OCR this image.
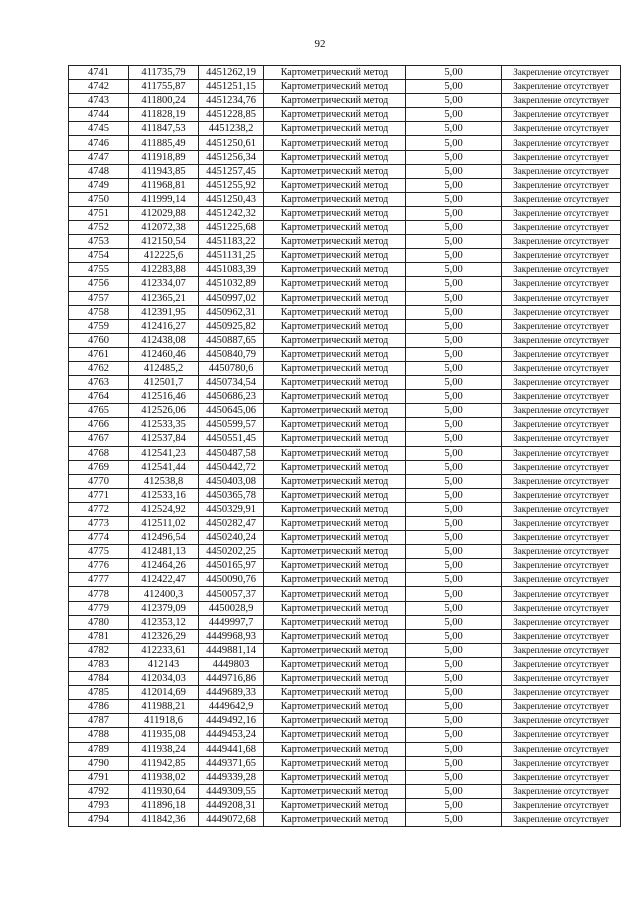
92
4741	411735,79	4451262,19	Картометрический метод	5,00	Закрепление отсутствует
4742	411755,87	4451251,15	Картометрический метод	5,00	Закрепление отсутствует
4743	411800,24	4451234,76	Картометрический метод	5,00	Закрепление отсутствует
4744	411828,19	4451228,85	Картометрический метод	5,00	Закрепление отсутствует
4745	411847,53	4451238,2	Картометрический метод	5,00	Закрепление отсутствует
4746	411885,49	4451250,61	Картометрический метод	5,00	Закрепление отсутствует
4747	411918,89	4451256,34	Картометрический метод	5,00	Закрепление отсутствует
4748	411943,85	4451257,45	Картометрический метод	5,00	Закрепление отсутствует
4749	411968,81	4451255,92	Картометрический метод	5,00	Закрепление отсутствует
4750	411999,14	4451250,43	Картометрический метод	5,00	Закрепление отсутствует
4751	412029,88	4451242,32	Картометрический метод	5,00	Закрепление отсутствует
4752	412072,38	4451225,68	Картометрический метод	5,00	Закрепление отсутствует
4753	412150,54	4451183,22	Картометрический метод	5,00	Закрепление отсутствует
4754	412225,6	4451131,25	Картометрический метод	5,00	Закрепление отсутствует
4755	412283,88	4451083,39	Картометрический метод	5,00	Закрепление отсутствует
4756	412334,07	4451032,89	Картометрический метод	5,00	Закрепление отсутствует
4757	412365,21	4450997,02	Картометрический метод	5,00	Закрепление отсутствует
4758	412391,95	4450962,31	Картометрический метод	5,00	Закрепление отсутствует
4759	412416,27	4450925,82	Картометрический метод	5,00	Закрепление отсутствует
4760	412438,08	4450887,65	Картометрический метод	5,00	Закрепление отсутствует
4761	412460,46	4450840,79	Картометрический метод	5,00	Закрепление отсутствует
4762	412485,2	4450780,6	Картометрический метод	5,00	Закрепление отсутствует
4763	412501,7	4450734,54	Картометрический метод	5,00	Закрепление отсутствует
4764	412516,46	4450686,23	Картометрический метод	5,00	Закрепление отсутствует
4765	412526,06	4450645,06	Картометрический метод	5,00	Закрепление отсутствует
4766	412533,35	4450599,57	Картометрический метод	5,00	Закрепление отсутствует
4767	412537,84	4450551,45	Картометрический метод	5,00	Закрепление отсутствует
4768	412541,23	4450487,58	Картометрический метод	5,00	Закрепление отсутствует
4769	412541,44	4450442,72	Картометрический метод	5,00	Закрепление отсутствует
4770	412538,8	4450403,08	Картометрический метод	5,00	Закрепление отсутствует
4771	412533,16	4450365,78	Картометрический метод	5,00	Закрепление отсутствует
4772	412524,92	4450329,91	Картометрический метод	5,00	Закрепление отсутствует
4773	412511,02	4450282,47	Картометрический метод	5,00	Закрепление отсутствует
4774	412496,54	4450240,24	Картометрический метод	5,00	Закрепление отсутствует
4775	412481,13	4450202,25	Картометрический метод	5,00	Закрепление отсутствует
4776	412464,26	4450165,97	Картометрический метод	5,00	Закрепление отсутствует
4777	412422,47	4450090,76	Картометрический метод	5,00	Закрепление отсутствует
4778	412400,3	4450057,37	Картометрический метод	5,00	Закрепление отсутствует
4779	412379,09	4450028,9	Картометрический метод	5,00	Закрепление отсутствует
4780	412353,12	4449997,7	Картометрический метод	5,00	Закрепление отсутствует
4781	412326,29	4449968,93	Картометрический метод	5,00	Закрепление отсутствует
4782	412233,61	4449881,14	Картометрический метод	5,00	Закрепление отсутствует
4783	412143	4449803	Картометрический метод	5,00	Закрепление отсутствует
4784	412034,03	4449716,86	Картометрический метод	5,00	Закрепление отсутствует
4785	412014,69	4449689,33	Картометрический метод	5,00	Закрепление отсутствует
4786	411988,21	4449642,9	Картометрический метод	5,00	Закрепление отсутствует
4787	411918,6	4449492,16	Картометрический метод	5,00	Закрепление отсутствует
4788	411935,08	4449453,24	Картометрический метод	5,00	Закрепление отсутствует
4789	411938,24	4449441,68	Картометрический метод	5,00	Закрепление отсутствует
4790	411942,85	4449371,65	Картометрический метод	5,00	Закрепление отсутствует
4791	411938,02	4449339,28	Картометрический метод	5,00	Закрепление отсутствует
4792	411930,64	4449309,55	Картометрический метод	5,00	Закрепление отсутствует
4793	411896,18	4449208,31	Картометрический метод	5,00	Закрепление отсутствует
4794	411842,36	4449072,68	Картометрический метод	5,00	Закрепление отсутствует
